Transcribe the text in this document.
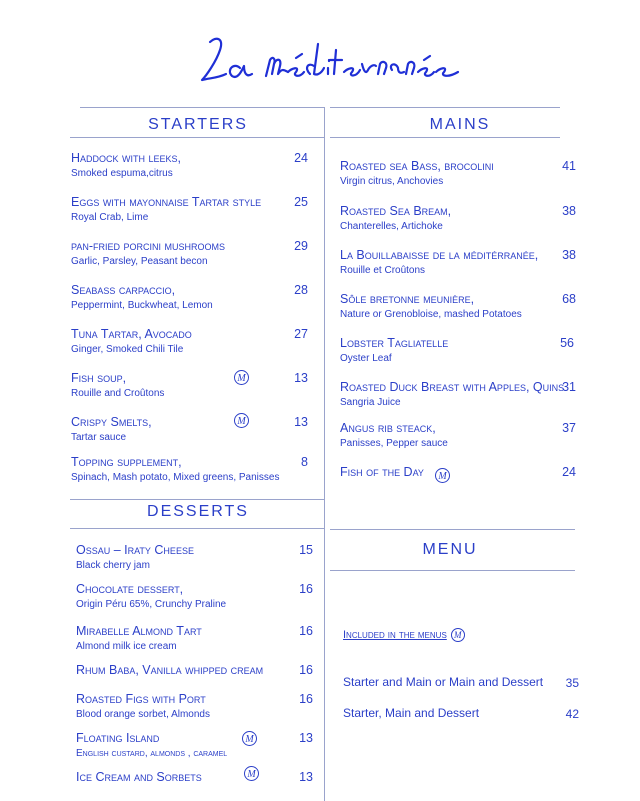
STARTERS	MAINS
DESSERTS
MENU
Haddock with leeks,
Smoked espuma,citrus
24
Eggs with mayonnaise Tartar style
Royal Crab, Lime
25
pan-fried porcini mushrooms
Garlic, Parsley, Peasant becon
29
Seabass carpaccio,
Peppermint, Buckwheat, Lemon
28
Tuna Tartar, Avocado
Ginger, Smoked Chili Tile
27
Fish soup,
Rouille and Croûtons
M	13
Crispy Smelts,
Tartar sauce
M	13
Topping supplement,
Spinach, Mash potato, Mixed greens, Panisses
8
Roasted sea Bass, brocolini
Virgin citrus, Anchovies
41
Roasted Sea Bream,
Chanterelles, Artichoke
38
La Bouillabaisse de la méditérranée,
Rouille et Croûtons
38
Sôle bretonne meunière,
Nature or Grenobloise, mashed Potatoes
68
Lobster Tagliatelle
Oyster Leaf
56
Roasted Duck Breast with Apples, Quins
Sangria Juice
31
Angus rib steack,
Panisses, Pepper sauce
37
Fish of the Day	M	24
Ossau – Iraty Cheese
Black cherry jam
15
Chocolate dessert,
Origin Péru 65%, Crunchy Praline
16
Mirabelle Almond Tart
Almond milk ice cream
16
Rhum Baba, Vanilla whipped cream	16
Roasted Figs with Port
Blood orange sorbet, Almonds
16
Floating Island
English custard, almonds , caramel
M	13
Ice Cream and Sorbets	M	13
Included in the menus M
Starter and Main or Main and Dessert	35
Starter, Main and Dessert	42
